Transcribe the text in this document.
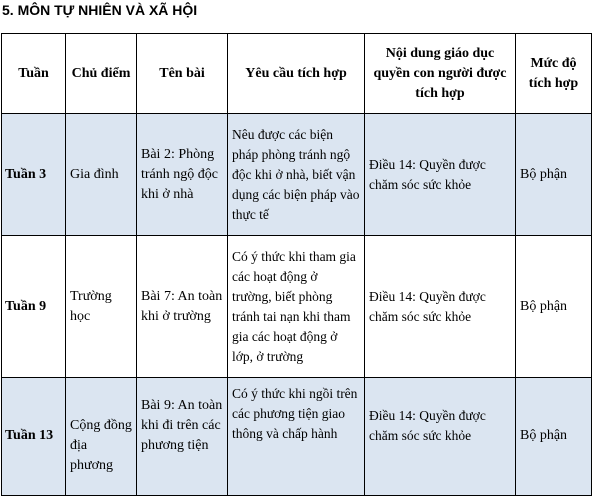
5. MÔN TỰ NHIÊN VÀ XÃ HỘI
Tuần	Chủ điểm	Tên bài	Yêu cầu tích hợp	Nội dung giáo dục quyền con người được tích hợp	Mức độ tích hợp
Tuần 3	Gia đình	Bài 2: Phòng tránh ngộ độc khi ở nhà	Nêu được các biện pháp phòng tránh ngộ độc khi ở nhà, biết vận dụng các biện pháp vào thực tế	Điều 14: Quyền được chăm sóc sức khỏe	Bộ phận
Tuần 9	Trường học	Bài 7: An toàn khi ở trường	Có ý thức khi tham gia các hoạt động ở trường, biết phòng tránh tai nạn khi tham gia các hoạt động ở lớp, ở trường	Điều 14: Quyền được chăm sóc sức khỏe	Bộ phận
Tuần 13	Cộng đồng địa phương	Bài 9: An toàn khi đi trên các phương tiện	Có ý thức khi ngồi trên các phương tiện giao thông và chấp hành	Điều 14: Quyền được chăm sóc sức khỏe	Bộ phận
